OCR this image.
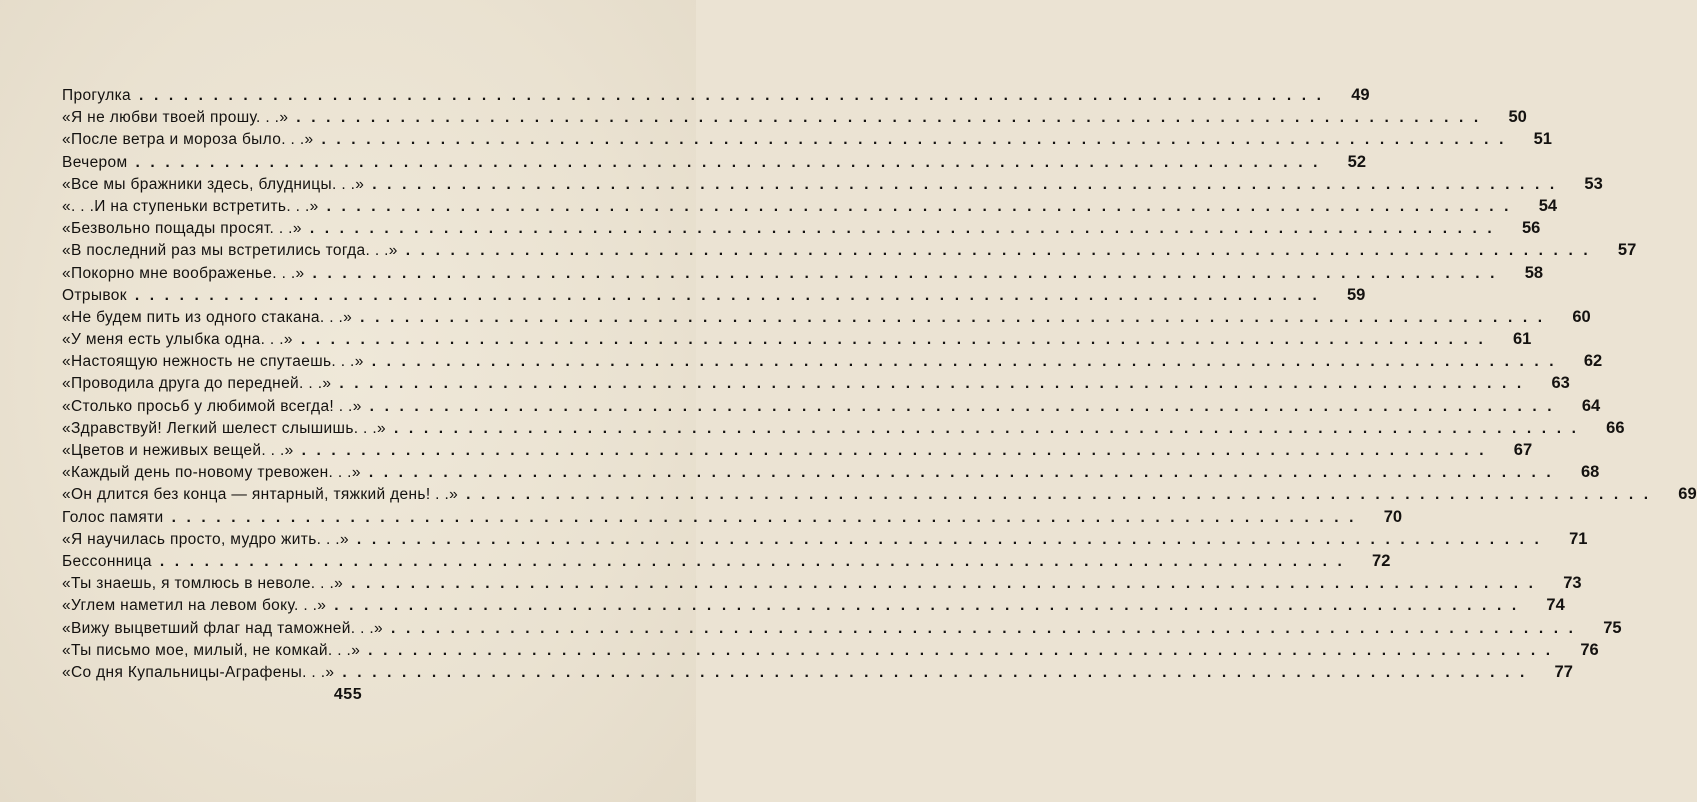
Прогулка ................................................................................	49
«Я не любви твоей прошу. . .» ................................................................................	50
«После ветра и мороза было. . .» ................................................................................	51
Вечером ................................................................................	52
«Все мы бражники здесь, блудницы. . .» ................................................................................	53
«. . .И на ступеньки встретить. . .» ................................................................................	54
«Безвольно пощады просят. . .» ................................................................................	56
«В последний раз мы встретились тогда. . .» ................................................................................	57
«Покорно мне воображенье. . .» ................................................................................	58
Отрывок ................................................................................	59
«Не будем пить из одного стакана. . .» ................................................................................	60
«У меня есть улыбка одна. . .» ................................................................................	61
«Настоящую нежность не спутаешь. . .» ................................................................................	62
«Проводила друга до передней. . .» ................................................................................	63
«Столько просьб у любимой всегда! . .» ................................................................................	64
«Здравствуй! Легкий шелест слышишь. . .» ................................................................................	66
«Цветов и неживых вещей. . .» ................................................................................	67
«Каждый день по-новому тревожен. . .» ................................................................................	68
«Он длится без конца — янтарный, тяжкий день! . .» ................................................................................	69
Голос памяти ................................................................................	70
«Я научилась просто, мудро жить. . .» ................................................................................	71
Бессонница ................................................................................	72
«Ты знаешь, я томлюсь в неволе. . .» ................................................................................	73
«Углем наметил на левом боку. . .» ................................................................................	74
«Вижу выцветший флаг над таможней. . .» ................................................................................	75
«Ты письмо мое, милый, не комкай. . .» ................................................................................	76
«Со дня Купальницы-Аграфены. . .» ................................................................................	77
455
